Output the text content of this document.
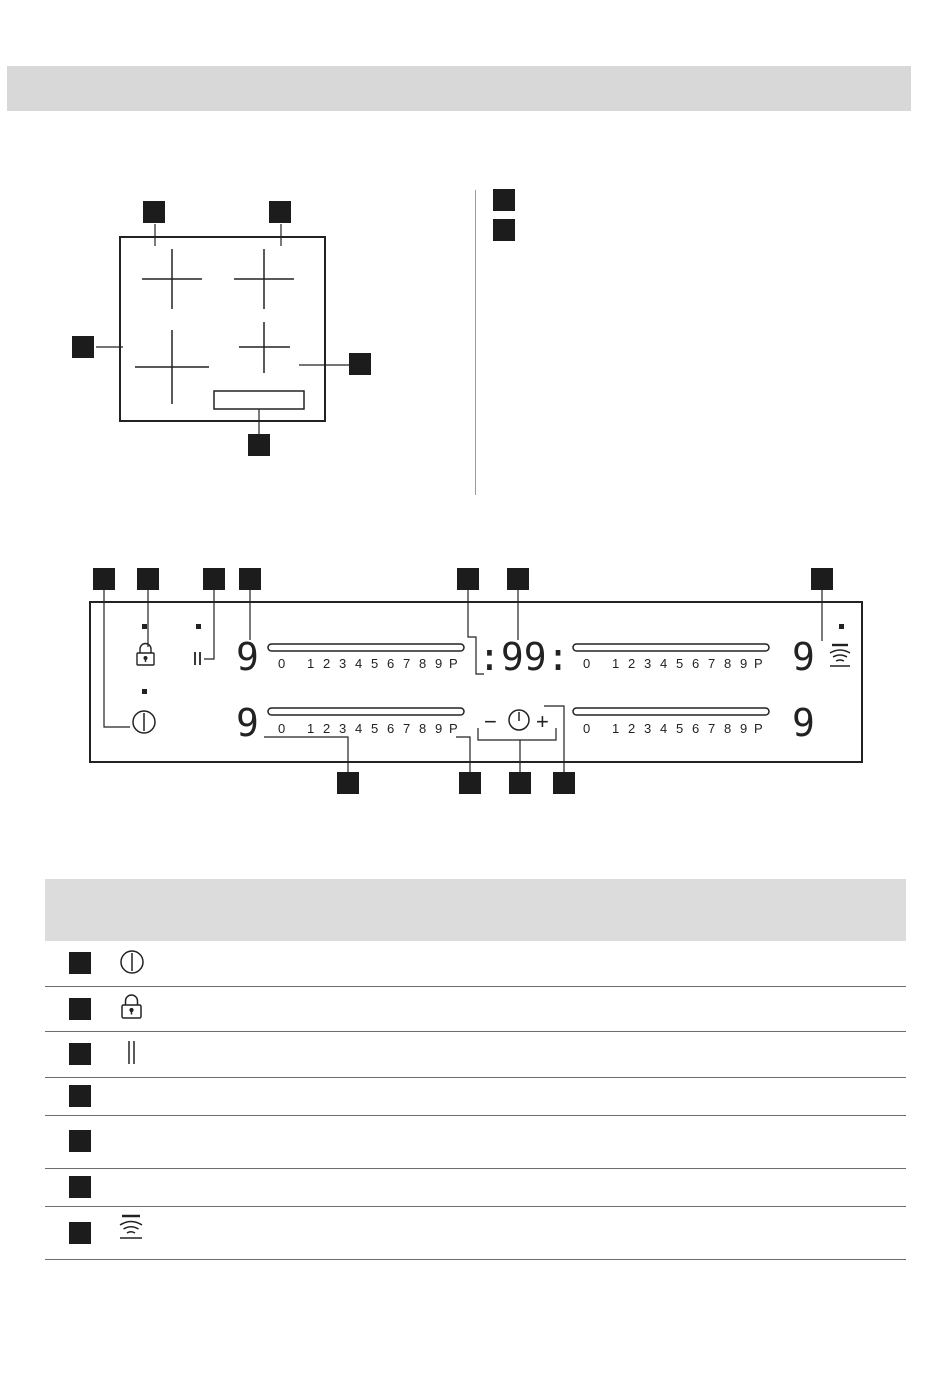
0 1 2 3 4 5 6 7 8 9 P	0 1 2 3 4 5 6 7 8 9 P
0 1 2 3 4 5 6 7 8 9 P	0 1 2 3 4 5 6 7 8 9 P
9	9
9	9
:99:
− +
